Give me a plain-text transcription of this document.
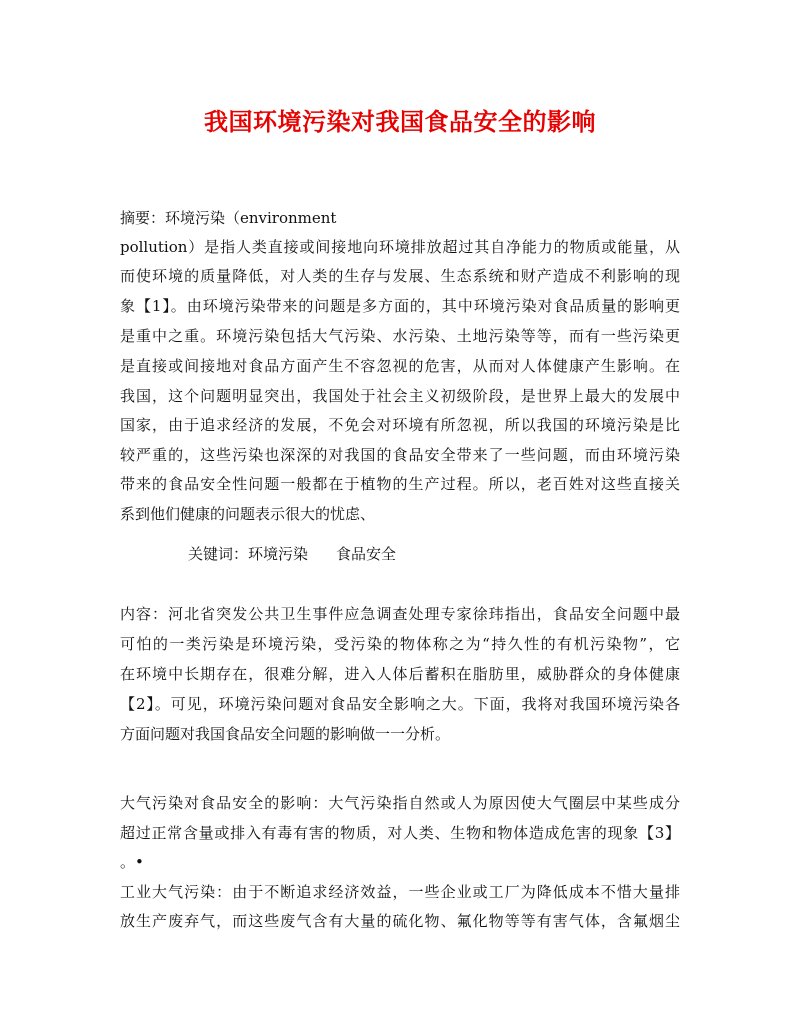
我国环境污染对我国食品安全的影响

摘要：环境污染（environment

pollution）是指人类直接或间接地向环境排放超过其自净能力的物质或能量，从

而使环境的质量降低，对人类的生存与发展、生态系统和财产造成不利影响的现

象【1】。由环境污染带来的问题是多方面的，其中环境污染对食品质量的影响更

是重中之重。环境污染包括大气污染、水污染、土地污染等等，而有一些污染更

是直接或间接地对食品方面产生不容忽视的危害，从而对人体健康产生影响。在

我国，这个问题明显突出，我国处于社会主义初级阶段，是世界上最大的发展中

国家，由于追求经济的发展，不免会对环境有所忽视，所以我国的环境污染是比

较严重的，这些污染也深深的对我国的食品安全带来了一些问题，而由环境污染

带来的食品安全性问题一般都在于植物的生产过程。所以，老百姓对这些直接关

系到他们健康的问题表示很大的忧虑、

关键词：环境污染 食品安全

内容：河北省突发公共卫生事件应急调查处理专家徐玮指出，食品安全问题中最

可怕的一类污染是环境污染，受污染的物体称之为“持久性的有机污染物”，它

在环境中长期存在，很难分解，进入人体后蓄积在脂肪里，威胁群众的身体健康

【2】。可见，环境污染问题对食品安全影响之大。下面，我将对我国环境污染各

方面问题对我国食品安全问题的影响做一一分析。

大气污染对食品安全的影响：大气污染指自然或人为原因使大气圈层中某些成分

超过正常含量或排入有毒有害的物质，对人类、生物和物体造成危害的现象【3】

。•

工业大气污染：由于不断追求经济效益，一些企业或工厂为降低成本不惜大量排

放生产废弃气，而这些废气含有大量的硫化物、氟化物等等有害气体，含氟烟尘
